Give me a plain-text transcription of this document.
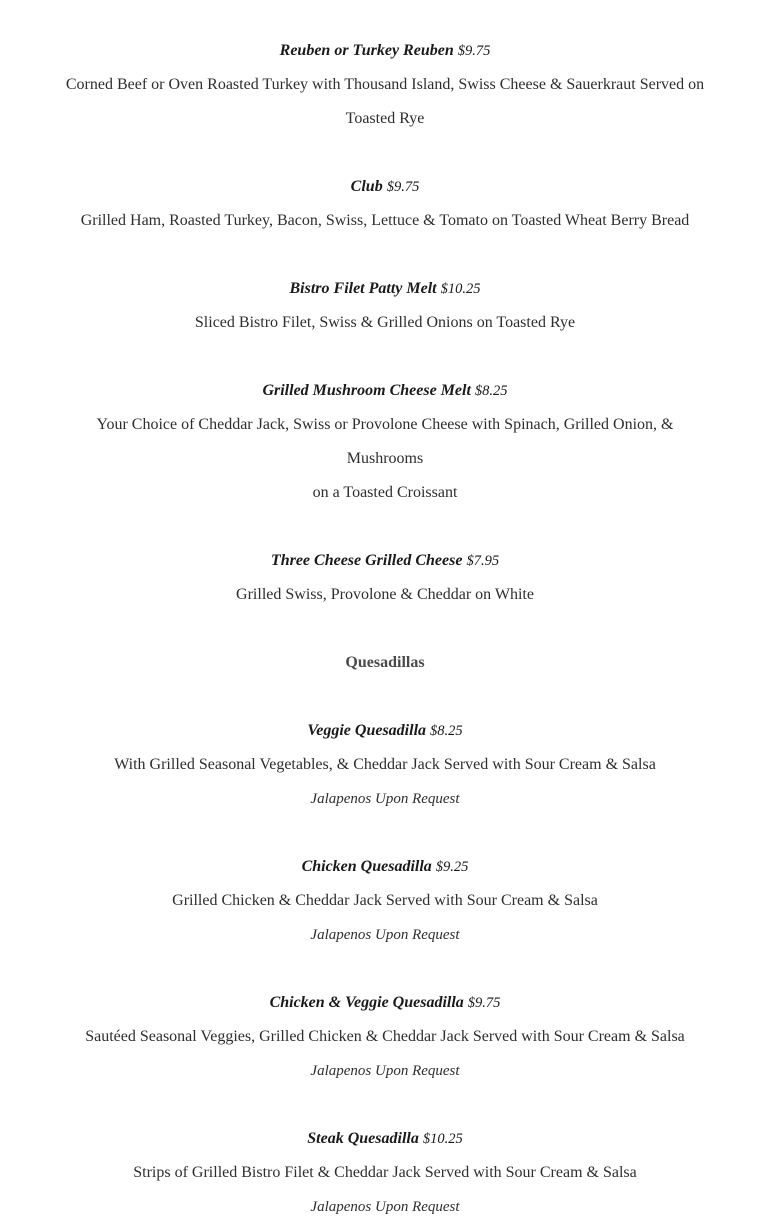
Reuben or Turkey Reuben $9.75
Corned Beef or Oven Roasted Turkey with Thousand Island, Swiss Cheese & Sauerkraut Served on
Toasted Rye
Club $9.75
Grilled Ham, Roasted Turkey, Bacon, Swiss, Lettuce & Tomato on Toasted Wheat Berry Bread
Bistro Filet Patty Melt $10.25
Sliced Bistro Filet, Swiss & Grilled Onions on Toasted Rye
Grilled Mushroom Cheese Melt $8.25
Your Choice of Cheddar Jack, Swiss or Provolone Cheese with Spinach, Grilled Onion, &
Mushrooms
on a Toasted Croissant
Three Cheese Grilled Cheese $7.95
Grilled Swiss, Provolone & Cheddar on White
Quesadillas
Veggie Quesadilla $8.25
With Grilled Seasonal Vegetables, & Cheddar Jack Served with Sour Cream & Salsa
Jalapenos Upon Request
Chicken Quesadilla $9.25
Grilled Chicken & Cheddar Jack Served with Sour Cream & Salsa
Jalapenos Upon Request
Chicken & Veggie Quesadilla $9.75
Sautéed Seasonal Veggies, Grilled Chicken & Cheddar Jack Served with Sour Cream & Salsa
Jalapenos Upon Request
Steak Quesadilla $10.25
Strips of Grilled Bistro Filet & Cheddar Jack Served with Sour Cream & Salsa
Jalapenos Upon Request
